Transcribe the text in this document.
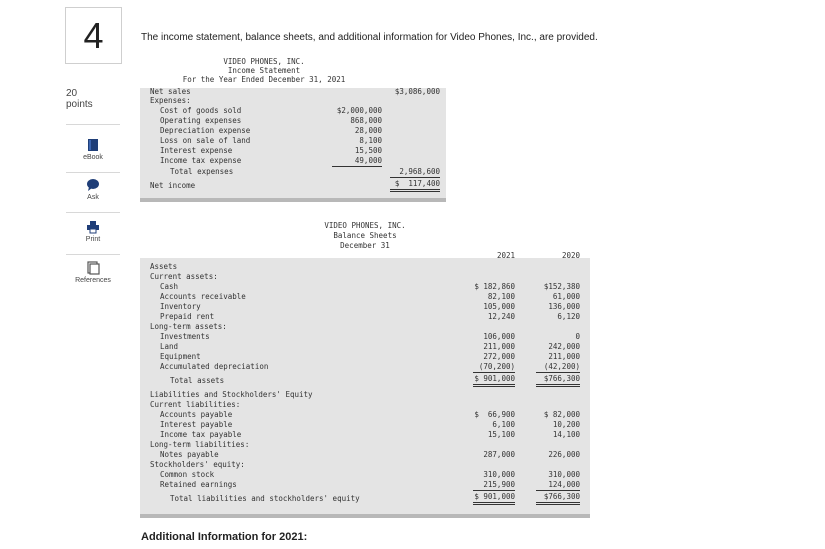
4
20
points
eBook
Ask
Print
References
The income statement, balance sheets, and additional information for Video Phones, Inc., are provided.
VIDEO PHONES, INC.
Income Statement
For the Year Ended December 31, 2021
Net sales	$3,086,000
Expenses:
Cost of goods sold	$2,000,000
Operating expenses	868,000
Depreciation expense	28,000
Loss on sale of land	8,100
Interest expense	15,500
Income tax expense	49,000
Total expenses	2,968,600
Net income	$  117,400
VIDEO PHONES, INC.
Balance Sheets
December 31
2021	2020
Assets
Current assets:
Cash	$ 182,860	$152,380
Accounts receivable	82,100	61,000
Inventory	105,000	136,000
Prepaid rent	12,240	6,120
Long-term assets:
Investments	106,000	0
Land	211,000	242,000
Equipment	272,000	211,000
Accumulated depreciation	(70,200)	(42,200)
Total assets	$ 901,000	$766,300
Liabilities and Stockholders' Equity
Current liabilities:
Accounts payable	$  66,900	$ 82,000
Interest payable	6,100	10,200
Income tax payable	15,100	14,100
Long-term liabilities:
Notes payable	287,000	226,000
Stockholders' equity:
Common stock	310,000	310,000
Retained earnings	215,900	124,000
Total liabilities and stockholders' equity	$ 901,000	$766,300
Additional Information for 2021:
